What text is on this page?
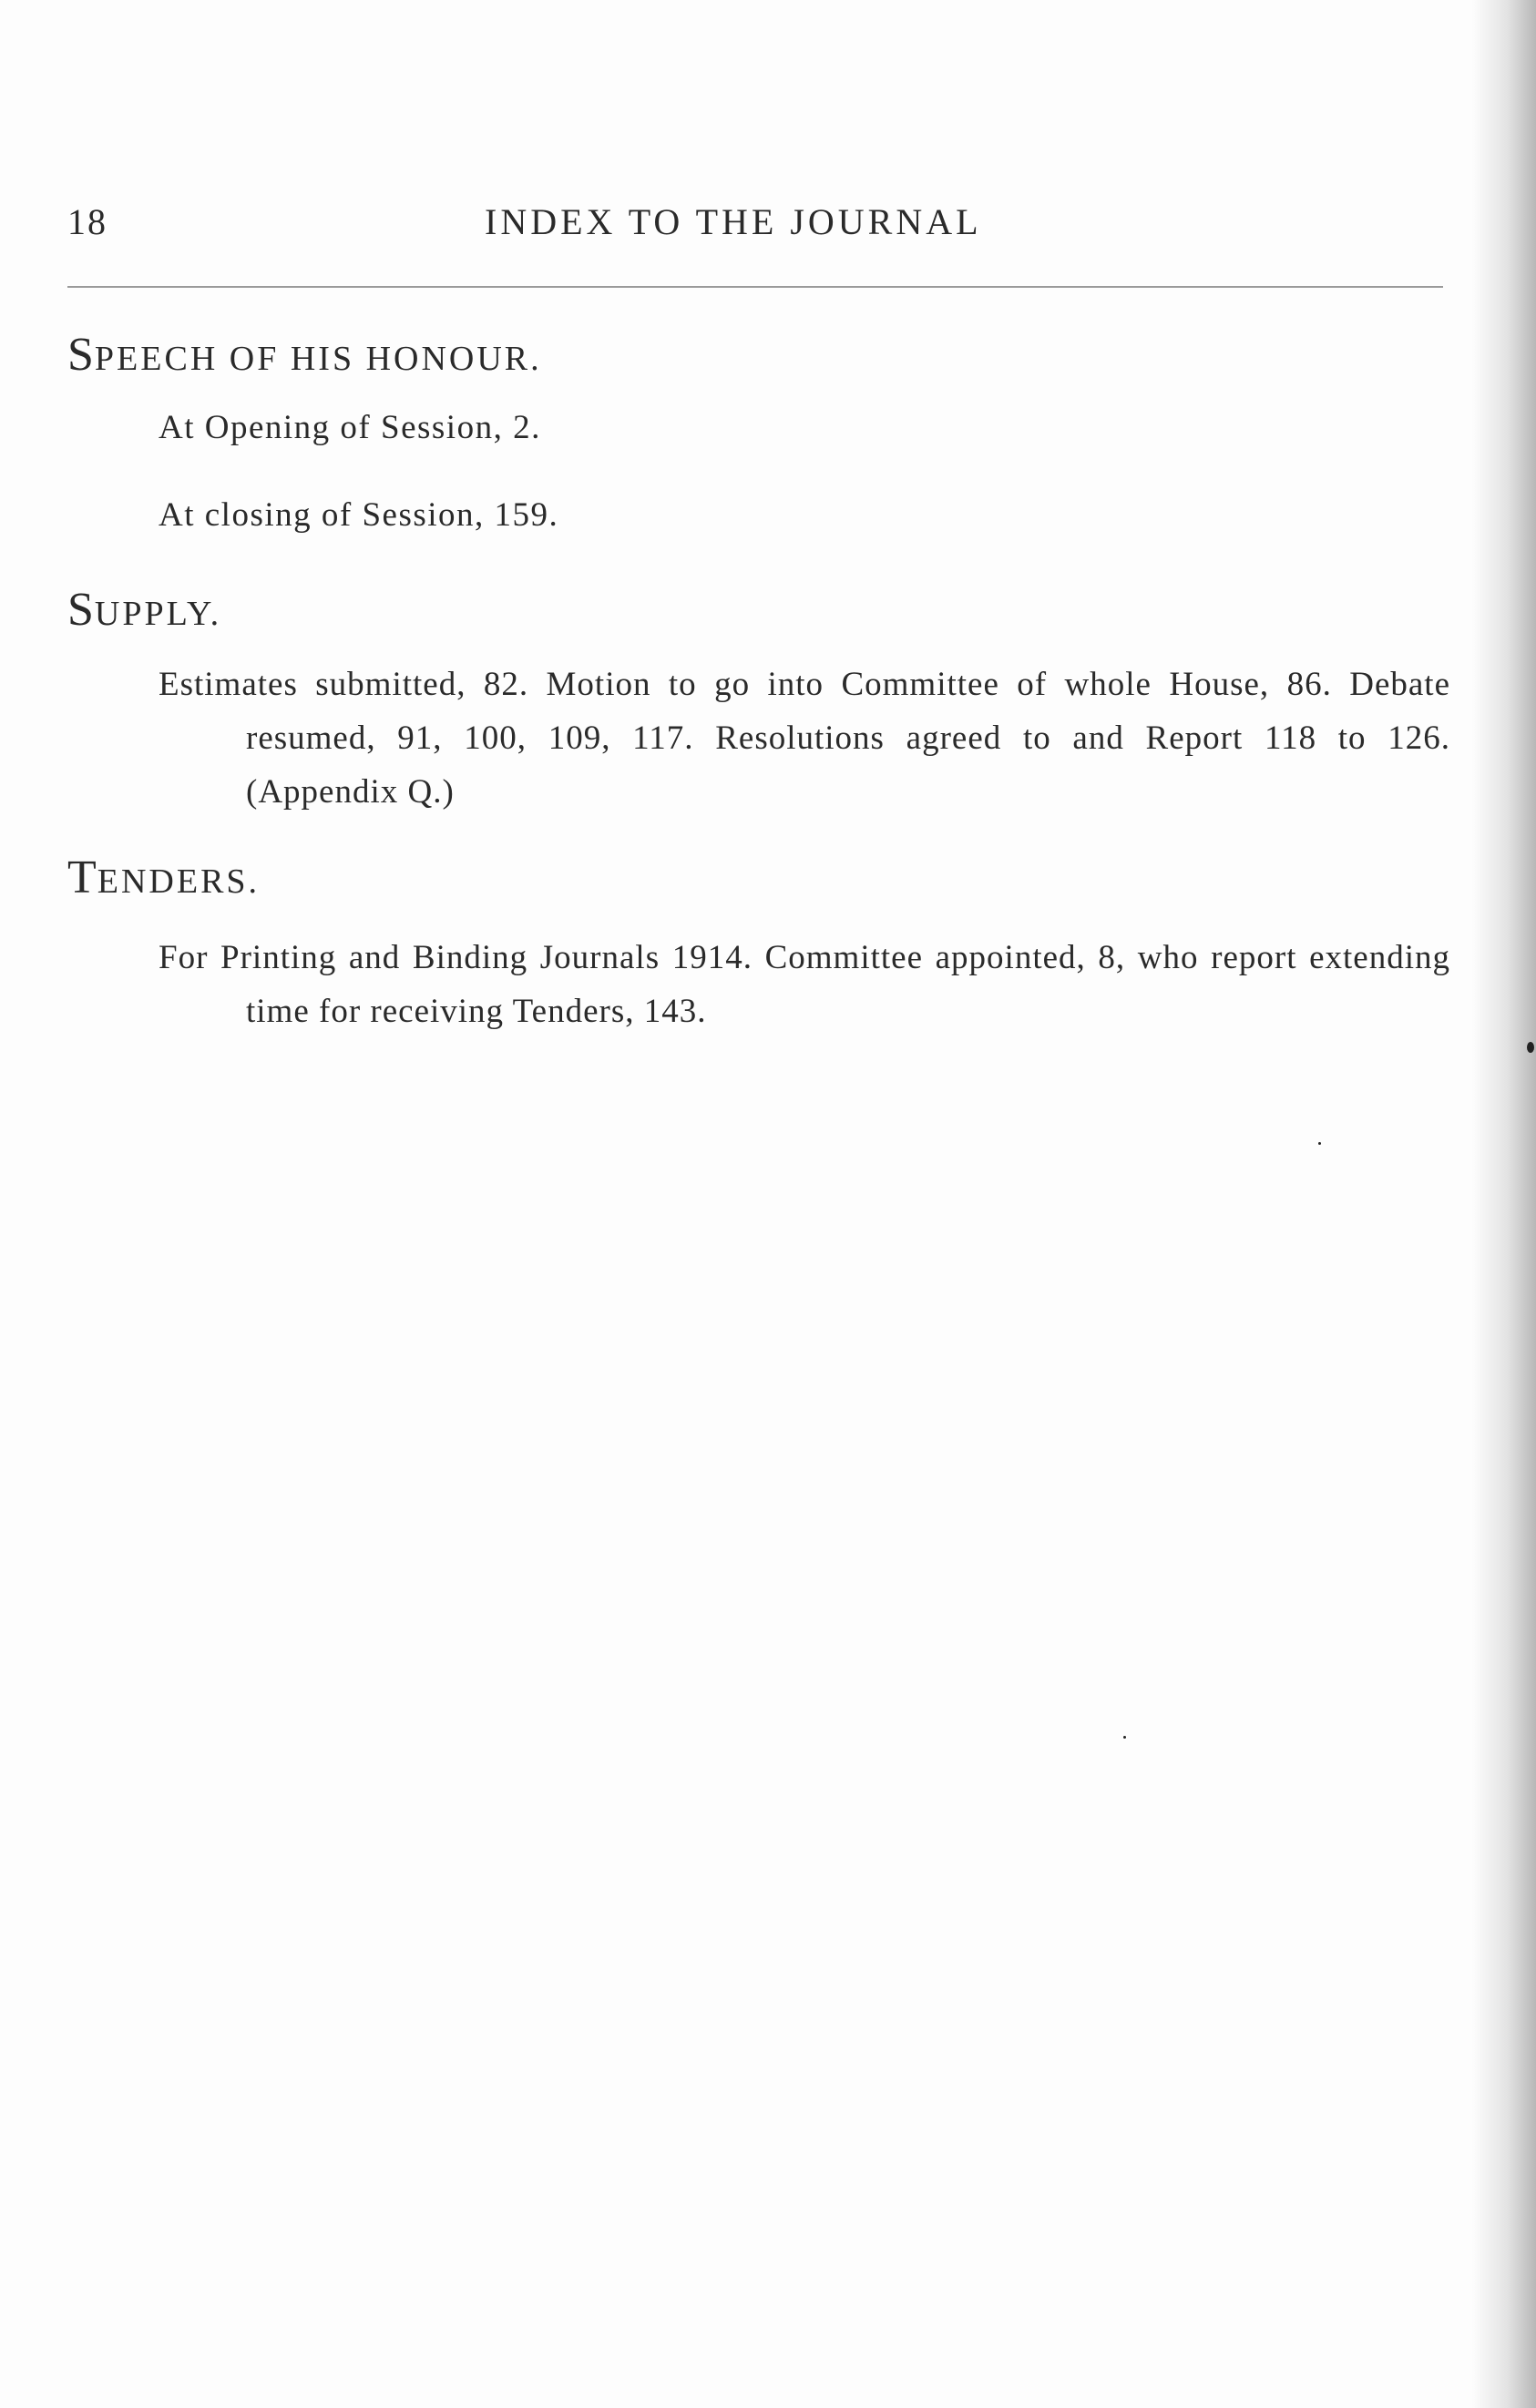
18	INDEX TO THE JOURNAL
SPEECH OF HIS HONOUR.
At Opening of Session, 2.
At closing of Session, 159.
SUPPLY.

Estimates submitted, 82. Motion to go into Committee of whole House, 86. Debate resumed, 91, 100, 109, 117. Resolutions agreed to and Report 118 to 126. (Appendix Q.)

TENDERS.

For Printing and Binding Journals 1914. Committee appointed, 8, who report extending time for receiving Tenders, 143.
